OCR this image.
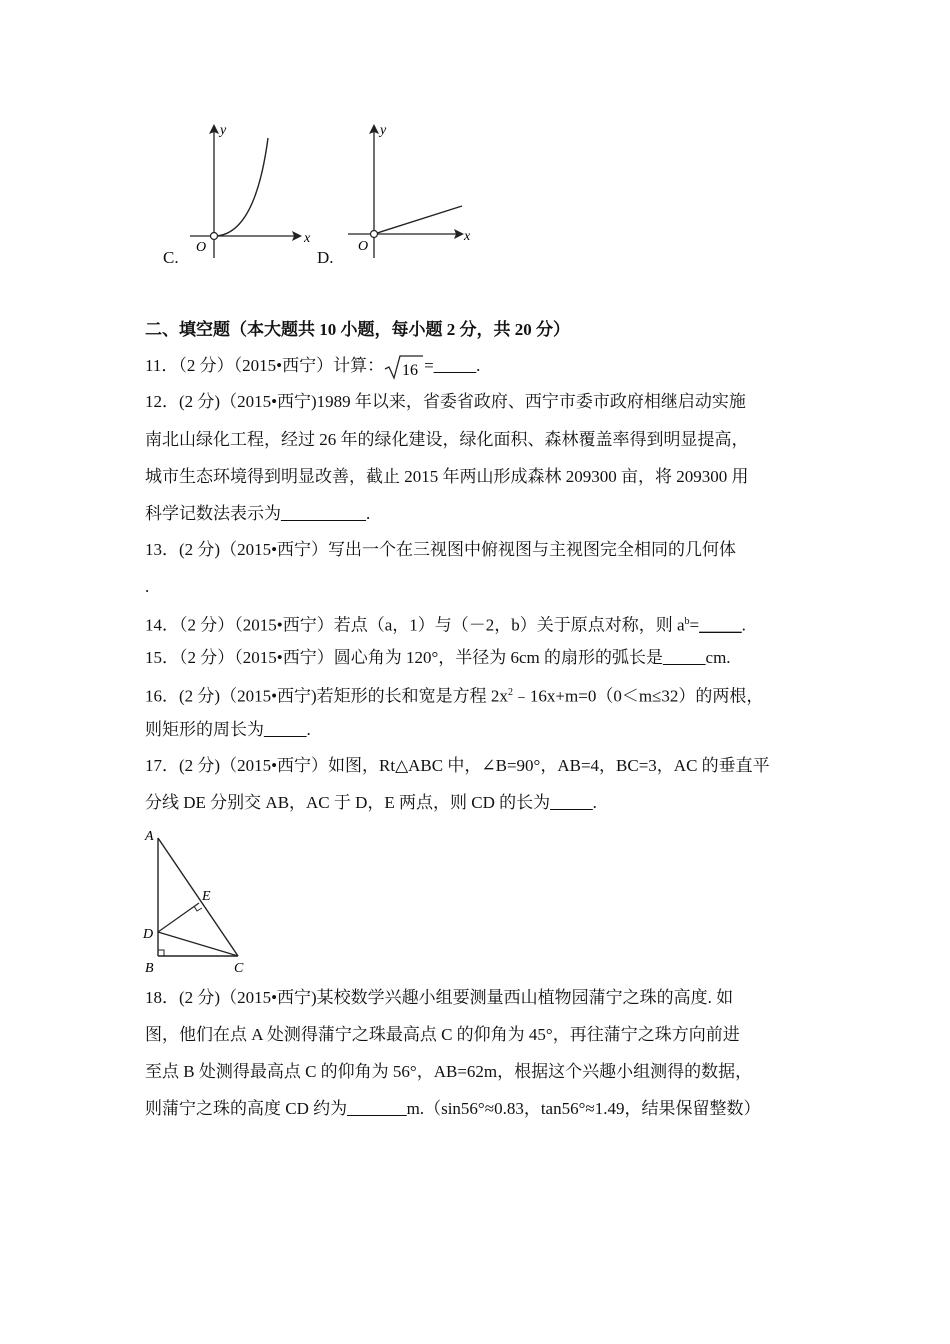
y
x
O
C.
y
x
O
D.
二、填空题（本大题共 10 小题，每小题 2 分，共 20 分）
11．（2 分）（2015•西宁）计算： 16 =_____.
12．(2 分)（2015•西宁)1989 年以来，省委省政府、西宁市委市政府相继启动实施
南北山绿化工程，经过 26 年的绿化建设，绿化面积、森林覆盖率得到明显提高，
城市生态环境得到明显改善，截止 2015 年两山形成森林 209300 亩，将 209300 用
科学记数法表示为__________.
13．(2 分)（2015•西宁）写出一个在三视图中俯视图与主视图完全相同的几何体
.
14．（2 分）（2015•西宁）若点（a，1）与（－2，b）关于原点对称，则 $a^b=\_\_\_\_\_$.
15．（2 分）（2015•西宁）圆心角为 120°，半径为 6cm 的扇形的弧长是_____cm.
16．(2 分)（2015•西宁)若矩形的长和宽是方程 $2x^2﹣16x+m=0(0<m\le 32)$的两根，
则矩形的周长为_____.
17．(2 分)（2015•西宁）如图，Rt△ABC 中，∠B=90°，AB=4，BC=3，AC 的垂直平
分线 DE 分别交 AB，AC 于 D，E 两点，则 CD 的长为_____.
A
E
D
B	C
18．(2 分)（2015•西宁)某校数学兴趣小组要测量西山植物园蒲宁之珠的高度. 如
图，他们在点 A 处测得蒲宁之珠最高点 C 的仰角为 45°，再往蒲宁之珠方向前进
至点 B 处测得最高点 C 的仰角为 56°，AB=62m，根据这个兴趣小组测得的数据，
则蒲宁之珠的高度 CD 约为_______m.（sin56°≈0.83，tan56°≈1.49，结果保留整数）
